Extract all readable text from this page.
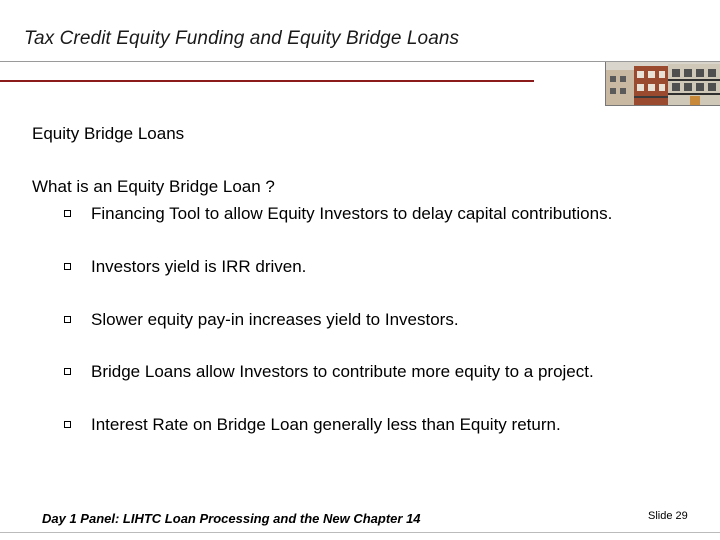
Tax Credit Equity Funding and Equity Bridge Loans
Equity Bridge Loans
What is an Equity Bridge Loan ?
Financing Tool to allow Equity Investors to delay capital contributions.
Investors yield is IRR driven.
Slower equity pay-in increases yield to Investors.
Bridge Loans allow Investors to contribute more equity to a project.
Interest Rate on Bridge Loan generally less than Equity return.
Day 1 Panel: LIHTC Loan Processing and the New Chapter 14	Slide 29
